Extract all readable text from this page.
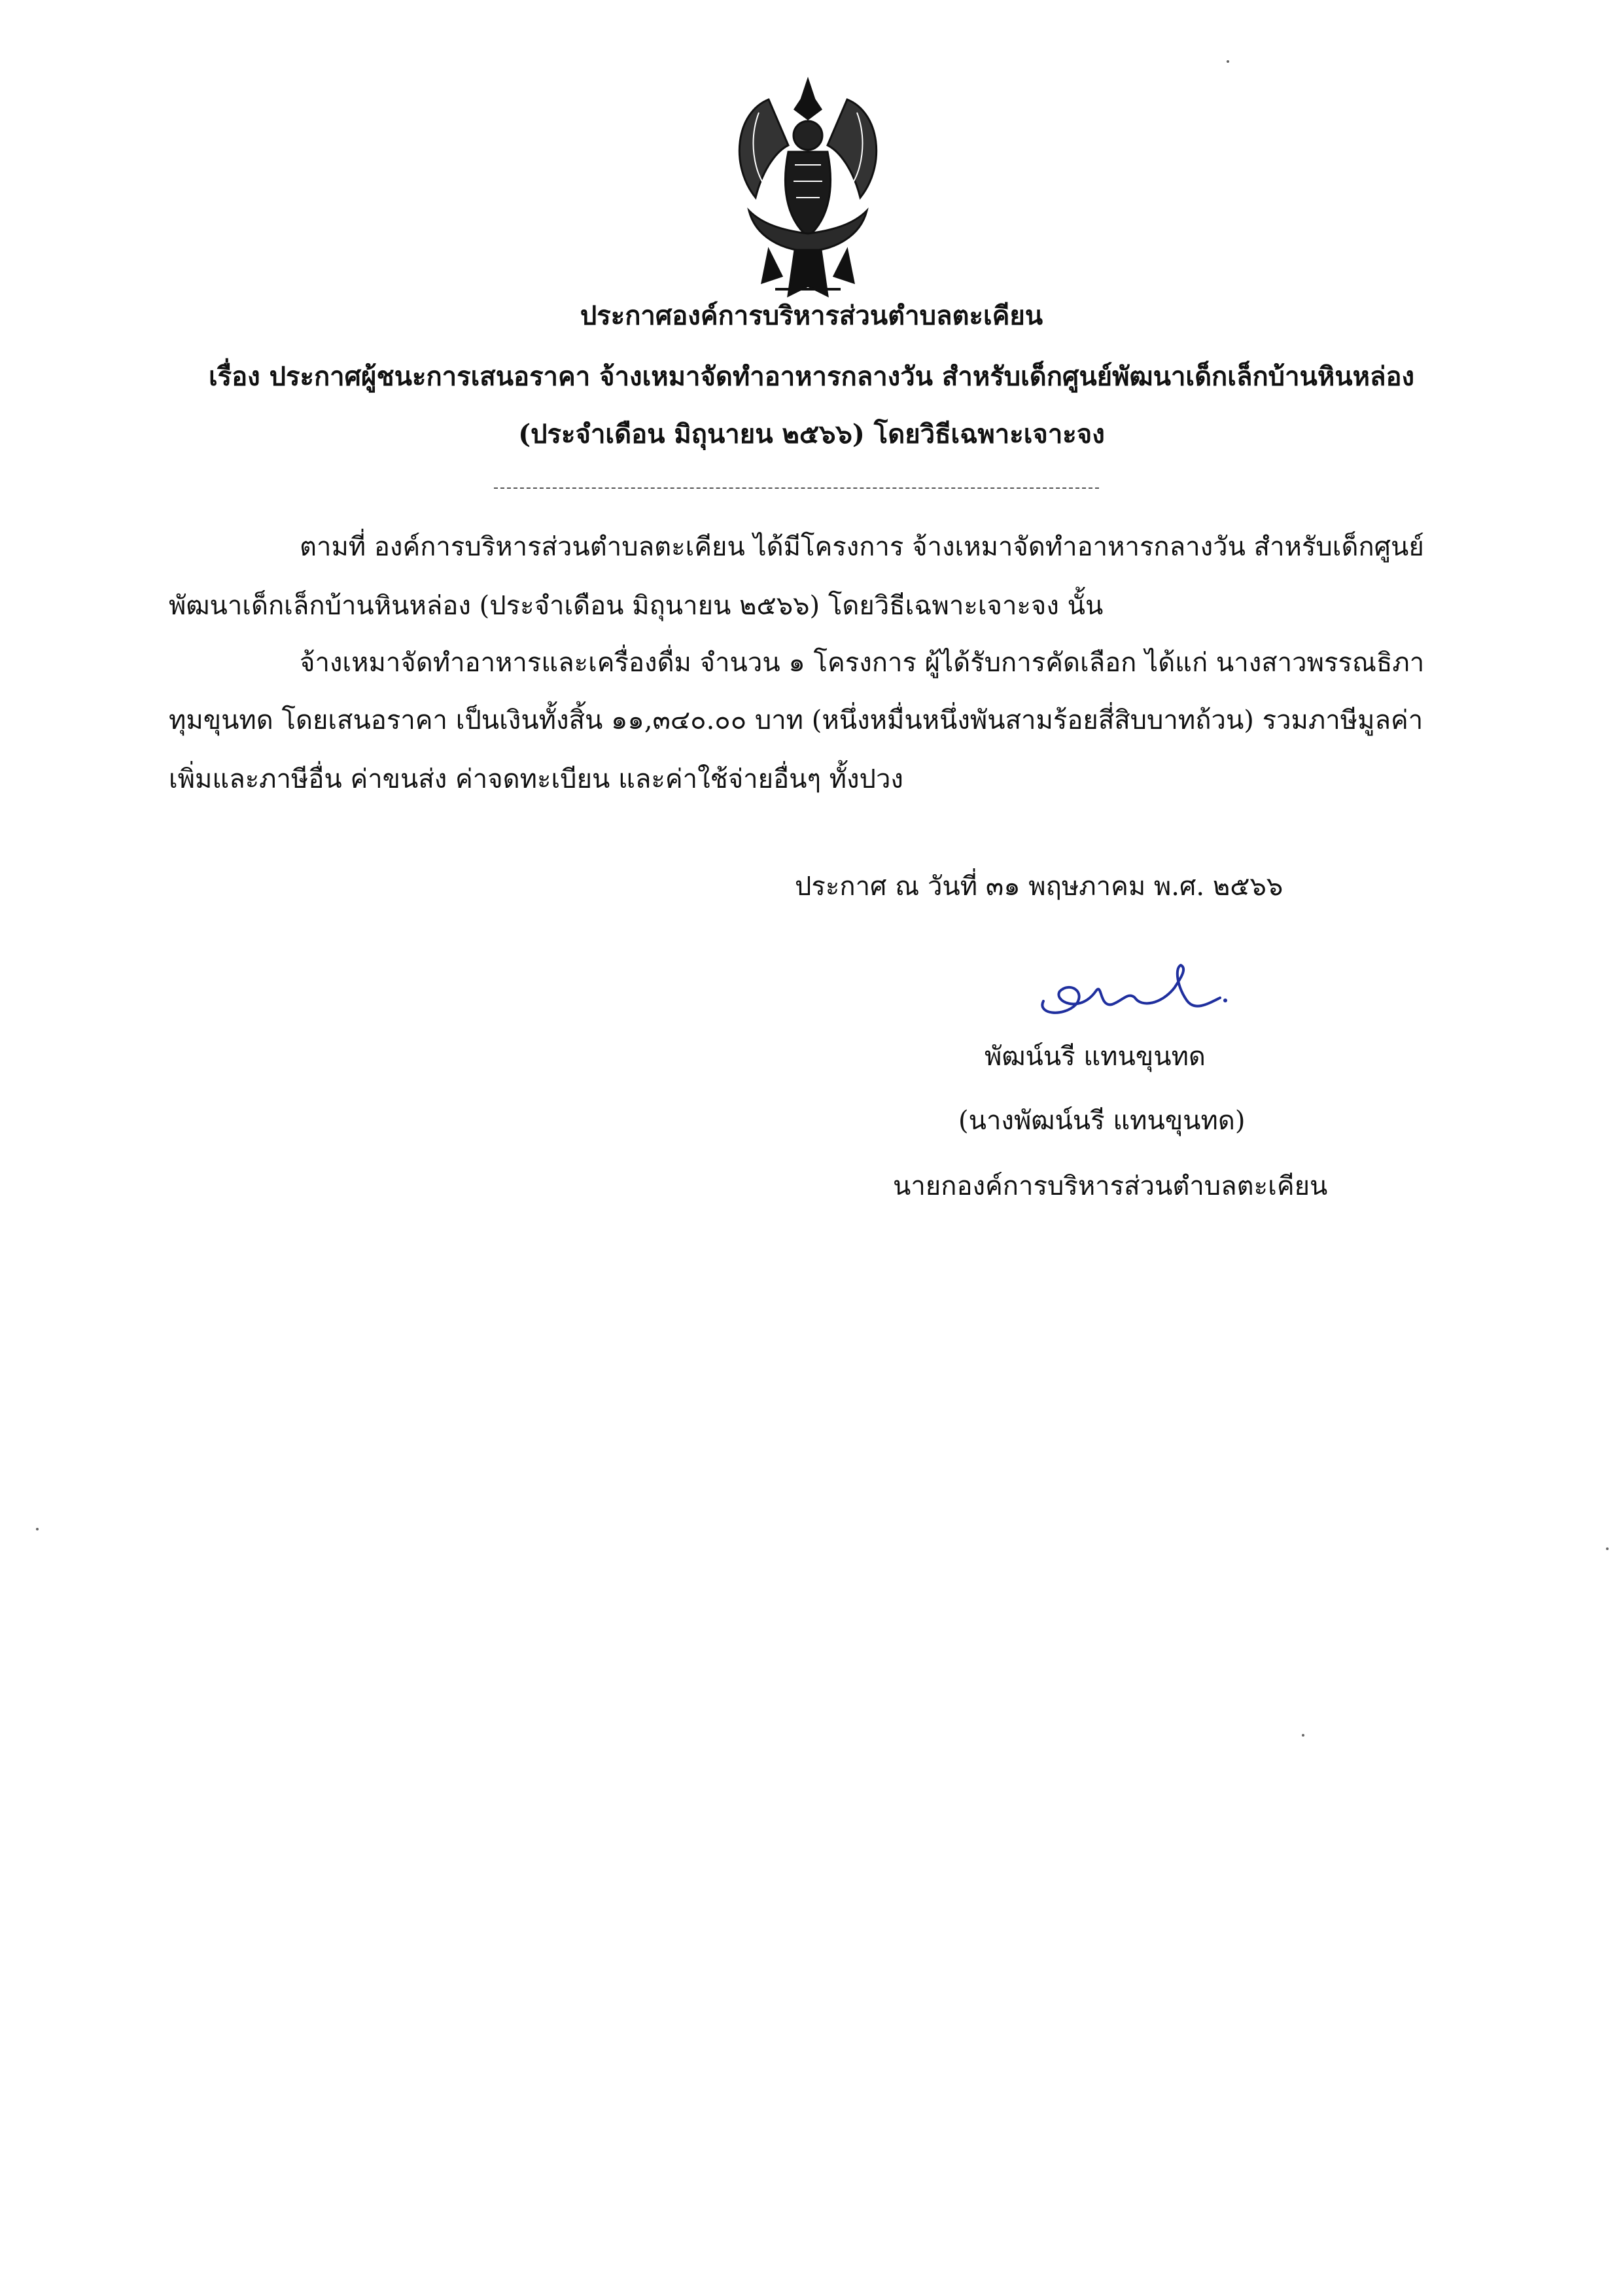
ประกาศองค์การบริหารส่วนตำบลตะเคียน
เรื่อง ประกาศผู้ชนะการเสนอราคา จ้างเหมาจัดทำอาหารกลางวัน สำหรับเด็กศูนย์พัฒนาเด็กเล็กบ้านหินหล่อง
(ประจำเดือน มิถุนายน ๒๕๖๖) โดยวิธีเฉพาะเจาะจง
ตามที่ องค์การบริหารส่วนตำบลตะเคียน ได้มีโครงการ จ้างเหมาจัดทำอาหารกลางวัน สำหรับเด็กศูนย์
พัฒนาเด็กเล็กบ้านหินหล่อง (ประจำเดือน มิถุนายน ๒๕๖๖) โดยวิธีเฉพาะเจาะจง นั้น
จ้างเหมาจัดทำอาหารและเครื่องดื่ม จำนวน ๑ โครงการ ผู้ได้รับการคัดเลือก ได้แก่ นางสาวพรรณธิภา
ทุมขุนทด โดยเสนอราคา เป็นเงินทั้งสิ้น ๑๑,๓๔๐.๐๐ บาท (หนึ่งหมื่นหนึ่งพันสามร้อยสี่สิบบาทถ้วน) รวมภาษีมูลค่า
เพิ่มและภาษีอื่น ค่าขนส่ง ค่าจดทะเบียน และค่าใช้จ่ายอื่นๆ ทั้งปวง
ประกาศ ณ วันที่ ๓๑ พฤษภาคม พ.ศ. ๒๕๖๖
พัฒน์นรี แทนขุนทด
(นางพัฒน์นรี แทนขุนทด)
นายกองค์การบริหารส่วนตำบลตะเคียน
